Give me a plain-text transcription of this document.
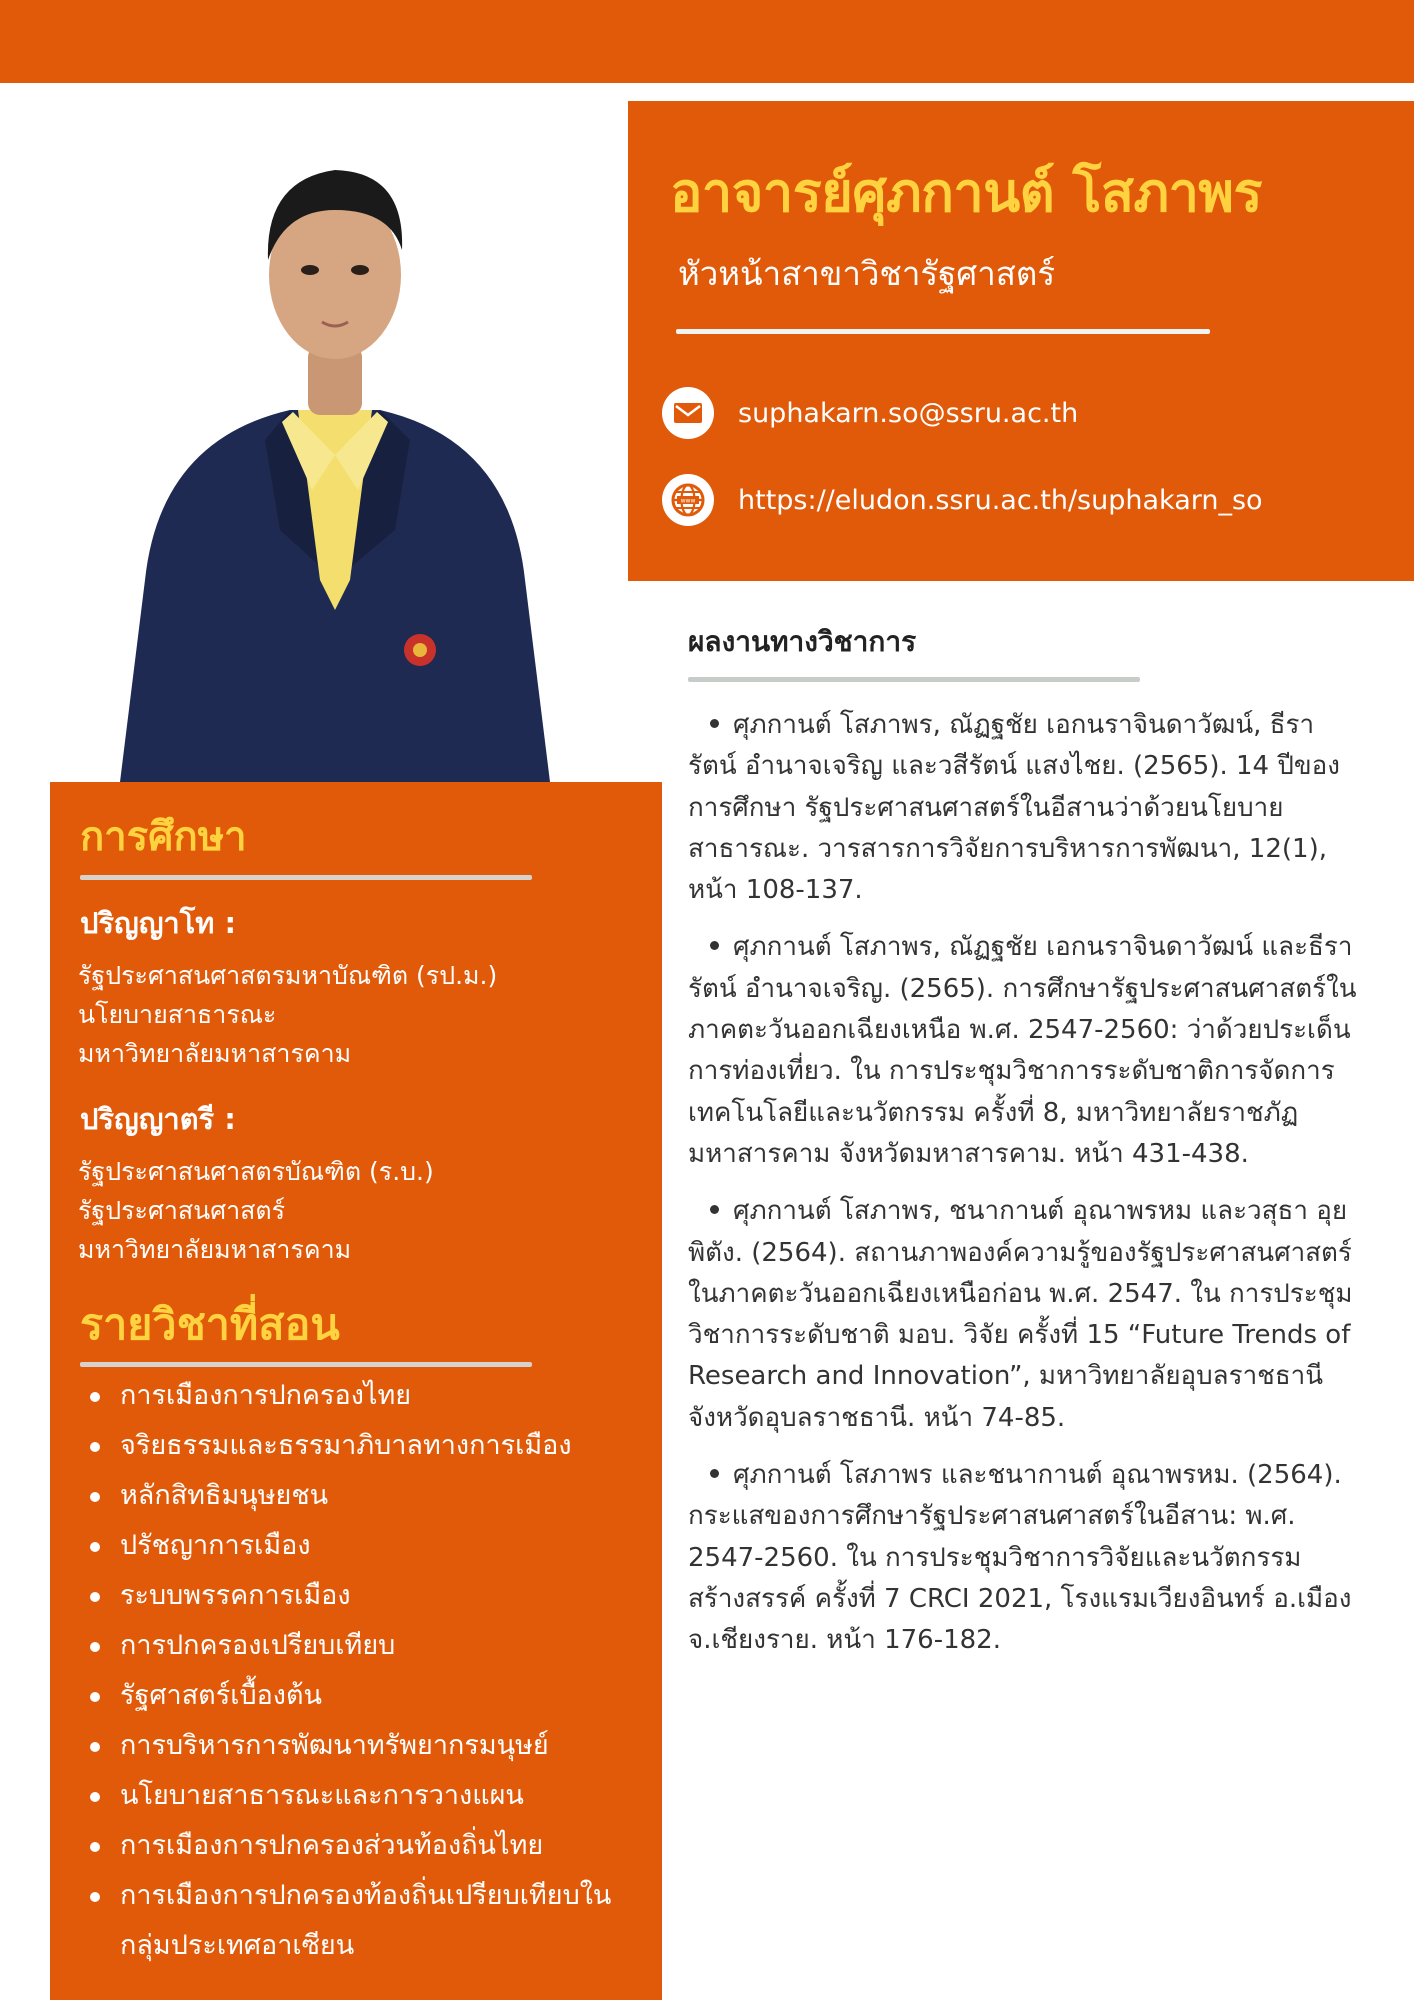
อาจารย์ศุภกานต์ โสภาพร
หัวหน้าสาขาวิชารัฐศาสตร์
suphakarn.so@ssru.ac.th
www https://eludon.ssru.ac.th/suphakarn_so
การศึกษา
ปริญญาโท :
รัฐประศาสนศาสตรมหาบัณฑิต (รป.ม.)
นโยบายสาธารณะ
มหาวิทยาลัยมหาสารคาม
ปริญญาตรี :
รัฐประศาสนศาสตรบัณฑิต (ร.บ.)
รัฐประศาสนศาสตร์
มหาวิทยาลัยมหาสารคาม
รายวิชาที่สอน
การเมืองการปกครองไทย
จริยธรรมและธรรมาภิบาลทางการเมือง
หลักสิทธิมนุษยชน
ปรัชญาการเมือง
ระบบพรรคการเมือง
การปกครองเปรียบเทียบ
รัฐศาสตร์เบื้องต้น
การบริหารการพัฒนาทรัพยากรมนุษย์
นโยบายสาธารณะและการวางแผน
การเมืองการปกครองส่วนท้องถิ่นไทย
การเมืองการปกครองท้องถิ่นเปรียบเทียบในกลุ่มประเทศอาเซียน
ผลงานทางวิชาการ
ศุภกานต์ โสภาพร, ณัฏฐชัย เอกนราจินดาวัฒน์, ธีรารัตน์ อำนาจเจริญ และวสีรัตน์ แสงไชย. (2565). 14 ปีของการศึกษา รัฐประศาสนศาสตร์ในอีสานว่าด้วยนโยบายสาธารณะ. วารสารการวิจัยการบริหารการพัฒนา, 12(1), หน้า 108-137.
ศุภกานต์ โสภาพร, ณัฏฐชัย เอกนราจินดาวัฒน์ และธีรารัตน์ อำนาจเจริญ. (2565). การศึกษารัฐประศาสนศาสตร์ในภาคตะวันออกเฉียงเหนือ พ.ศ. 2547-2560: ว่าด้วยประเด็นการท่องเที่ยว. ใน การประชุมวิชาการระดับชาติการจัดการเทคโนโลยีและนวัตกรรม ครั้งที่ 8, มหาวิทยาลัยราชภัฏมหาสารคาม จังหวัดมหาสารคาม. หน้า 431-438.
ศุภกานต์ โสภาพร, ชนากานต์ อุณาพรหม และวสุธา อุยพิตัง. (2564). สถานภาพองค์ความรู้ของรัฐประศาสนศาสตร์ในภาคตะวันออกเฉียงเหนือก่อน พ.ศ. 2547. ใน การประชุมวิชาการระดับชาติ มอบ. วิจัย ครั้งที่ 15 “Future Trends of Research and Innovation”, มหาวิทยาลัยอุบลราชธานี จังหวัดอุบลราชธานี. หน้า 74-85.
ศุภกานต์ โสภาพร และชนากานต์ อุณาพรหม. (2564). กระแสของการศึกษารัฐประศาสนศาสตร์ในอีสาน: พ.ศ. 2547-2560. ใน การประชุมวิชาการวิจัยและนวัตกรรมสร้างสรรค์ ครั้งที่ 7 CRCI 2021, โรงแรมเวียงอินทร์ อ.เมือง จ.เชียงราย. หน้า 176-182.
